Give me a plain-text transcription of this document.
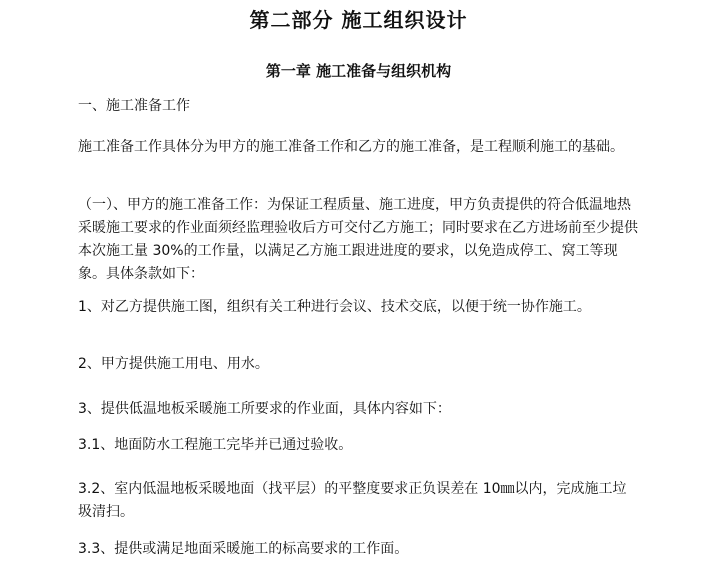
第二部分 施工组织设计
第一章 施工准备与组织机构

一、施工准备工作

施工准备工作具体分为甲方的施工准备工作和乙方的施工准备，是工程顺利施工的基础。

（一）、甲方的施工准备工作：为保证工程质量、施工进度，甲方负责提供的符合低温地热采暖施工要求的作业面须经监理验收后方可交付乙方施工；同时要求在乙方进场前至少提供本次施工量 30%的工作量，以满足乙方施工跟进进度的要求，以免造成停工、窝工等现象。具体条款如下：

1、对乙方提供施工图，组织有关工种进行会议、技术交底，以便于统一协作施工。

2、甲方提供施工用电、用水。

3、提供低温地板采暖施工所要求的作业面，具体内容如下：

3.1、地面防水工程施工完毕并已通过验收。

3.2、室内低温地板采暖地面（找平层）的平整度要求正负误差在 10㎜以内，完成施工垃圾清扫。

3.3、提供或满足地面采暖施工的标高要求的工作面。
